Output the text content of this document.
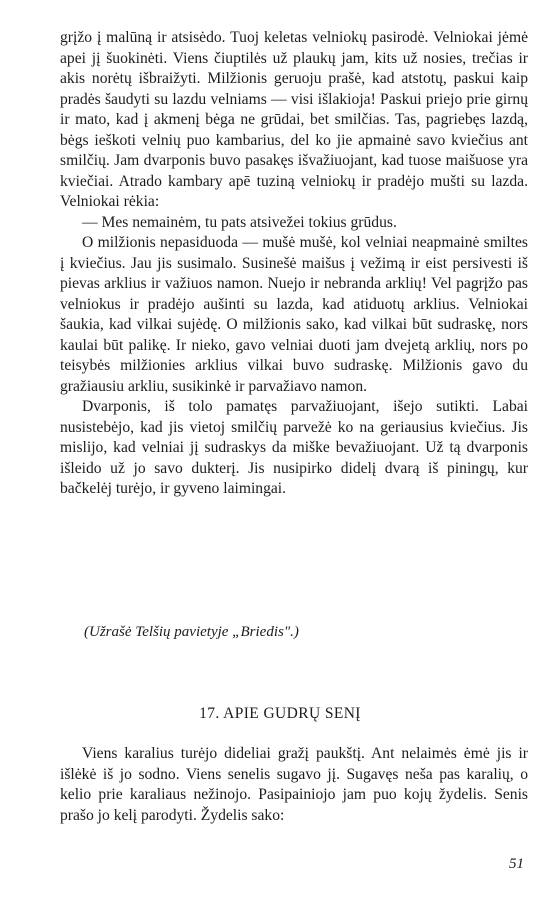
grįžo į malūną ir atsisėdo. Tuoj keletas velniokų pasirodė. Velniokai jėmė apei jį šuokinėti. Viens čiuptilės už plaukų jam, kits už nosies, trečias ir akis norėtų išbraižyti. Milžionis geruoju prašė, kad atstotų, paskui kaip pradės šaudyti su lazdu velniams — visi išlakioja! Paskui priejo prie girnų ir mato, kad į akmenį bėga ne grūdai, bet smilčias. Tas, pagriebęs lazdą, bėgs ieškoti velnių puo kambarius, del ko jie apmainė savo kviečius ant smilčių. Jam dvarponis buvo pasakęs išvažiuojant, kad tuose maišuose yra kviečiai. Atrado kambary apē tuziną velniokų ir pradėjo mušti su lazda. Velniokai rėkia:

— Mes nemainėm, tu pats atsivežei tokius grūdus.

O milžionis nepasiduoda — mušė mušė, kol velniai neapmainė smiltes į kviečius. Jau jis susimalo. Susinešė maišus į vežimą ir eist persivesti iš pievas arklius ir važiuos namon. Nuejo ir nebranda arklių! Vel pagrįžo pas velniokus ir pradėjo aušinti su lazda, kad atiduotų arklius. Velniokai šaukia, kad vilkai sujėdę. O milžionis sako, kad vilkai būt sudraskę, nors kaulai būt palikę. Ir nieko, gavo velniai duoti jam dvejetą arklių, nors po teisybės milžionies arklius vilkai buvo sudraskę. Milžionis gavo du gražiausiu arkliu, susikinkė ir parvažiavo namon.

Dvarponis, iš tolo pamatęs parvažiuojant, išejo sutikti. Labai nusistebėjo, kad jis vietoj smilčių parvežė ko na geriausius kviečius. Jis mislijo, kad velniai jį sudraskys da miške bevažiuojant. Už tą dvarponis išleido už jo savo dukterį. Jis nusipirko didelį dvarą iš piningų, kur bačkelėj turėjo, ir gyveno laimingai.

(Užrašė Telšių pavietyje „Briedis".)
17. APIE GUDRŲ SENĮ

Viens karalius turėjo dideliai gražį paukštį. Ant nelaimės ėmė jis ir išlėkė iš jo sodno. Viens senelis sugavo jį. Sugavęs neša pas karalių, o kelio prie karaliaus nežinojo. Pasipainiojo jam puo kojų žydelis. Senis prašo jo kelį parodyti. Žydelis sako:

51
